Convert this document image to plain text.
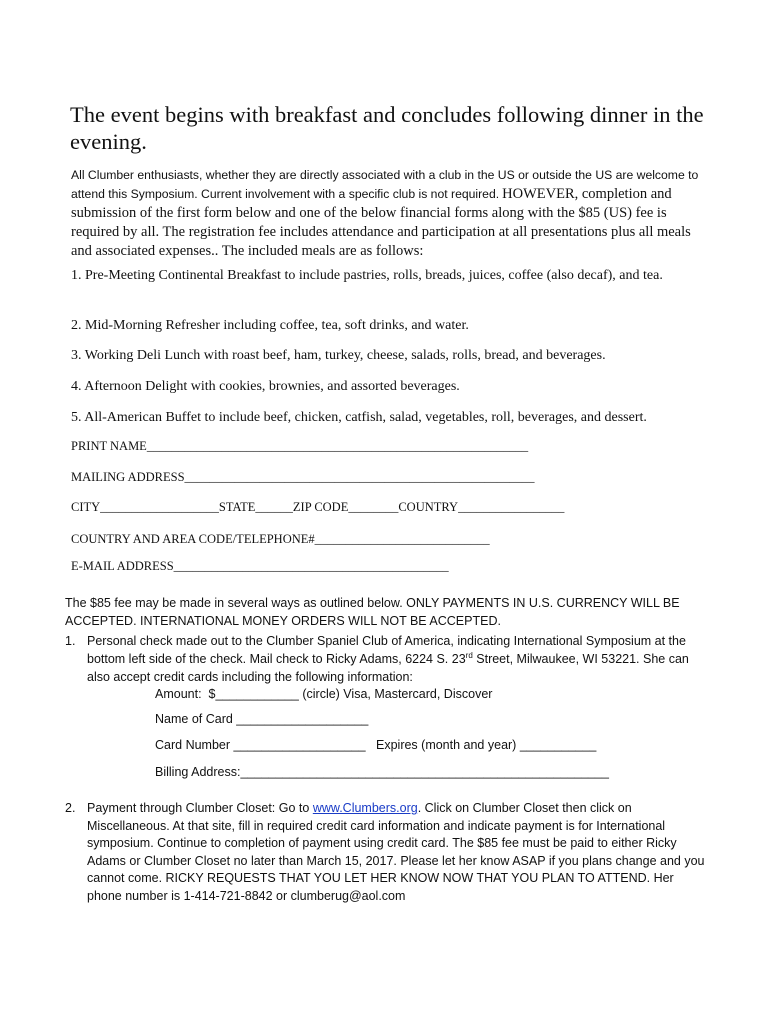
The event begins with breakfast and concludes following dinner in the evening.
All Clumber enthusiasts, whether they are directly associated with a club in the US or outside the US are welcome to attend this Symposium. Current involvement with a specific club is not required. HOWEVER, completion and submission of the first form below and one of the below financial forms along with the $85 (US) fee is required by all. The registration fee includes attendance and participation at all presentations plus all meals and associated expenses.. The included meals are as follows:
1. Pre-Meeting Continental Breakfast to include pastries, rolls, breads, juices, coffee (also decaf), and tea.
2. Mid-Morning Refresher including coffee, tea, soft drinks, and water.
3. Working Deli Lunch with roast beef, ham, turkey, cheese, salads, rolls, bread, and beverages.
4. Afternoon Delight with cookies, brownies, and assorted beverages.
5. All-American Buffet to include beef, chicken, catfish, salad, vegetables, roll, beverages, and dessert.
PRINT NAME_____________________________________________________________
MAILING ADDRESS________________________________________________________
CITY___________________STATE______ZIP CODE________COUNTRY_________________
COUNTRY AND AREA CODE/TELEPHONE#____________________________
E-MAIL ADDRESS____________________________________________

The $85 fee may be made in several ways as outlined below. ONLY PAYMENTS IN U.S. CURRENCY WILL BE ACCEPTED. INTERNATIONAL MONEY ORDERS WILL NOT BE ACCEPTED.

1. Personal check made out to the Clumber Spaniel Club of America, indicating International Symposium at the bottom left side of the check. Mail check to Ricky Adams, 6224 S. 23rd Street, Milwaukee, WI 53221. She can also accept credit cards including the following information:
Amount:  $____________ (circle) Visa, Mastercard, Discover
Name of Card ___________________
Card Number ___________________   Expires (month and year) ___________
Billing Address:_____________________________________________________
2. Payment through Clumber Closet: Go to www.Clumbers.org. Click on Clumber Closet then click on Miscellaneous. At that site, fill in required credit card information and indicate payment is for International symposium. Continue to completion of payment using credit card. The $85 fee must be paid to either Ricky Adams or Clumber Closet no later than March 15, 2017. Please let her know ASAP if you plans change and you cannot come. RICKY REQUESTS THAT YOU LET HER KNOW NOW THAT YOU PLAN TO ATTEND. Her phone number is 1-414-721-8842 or clumberug@aol.com
